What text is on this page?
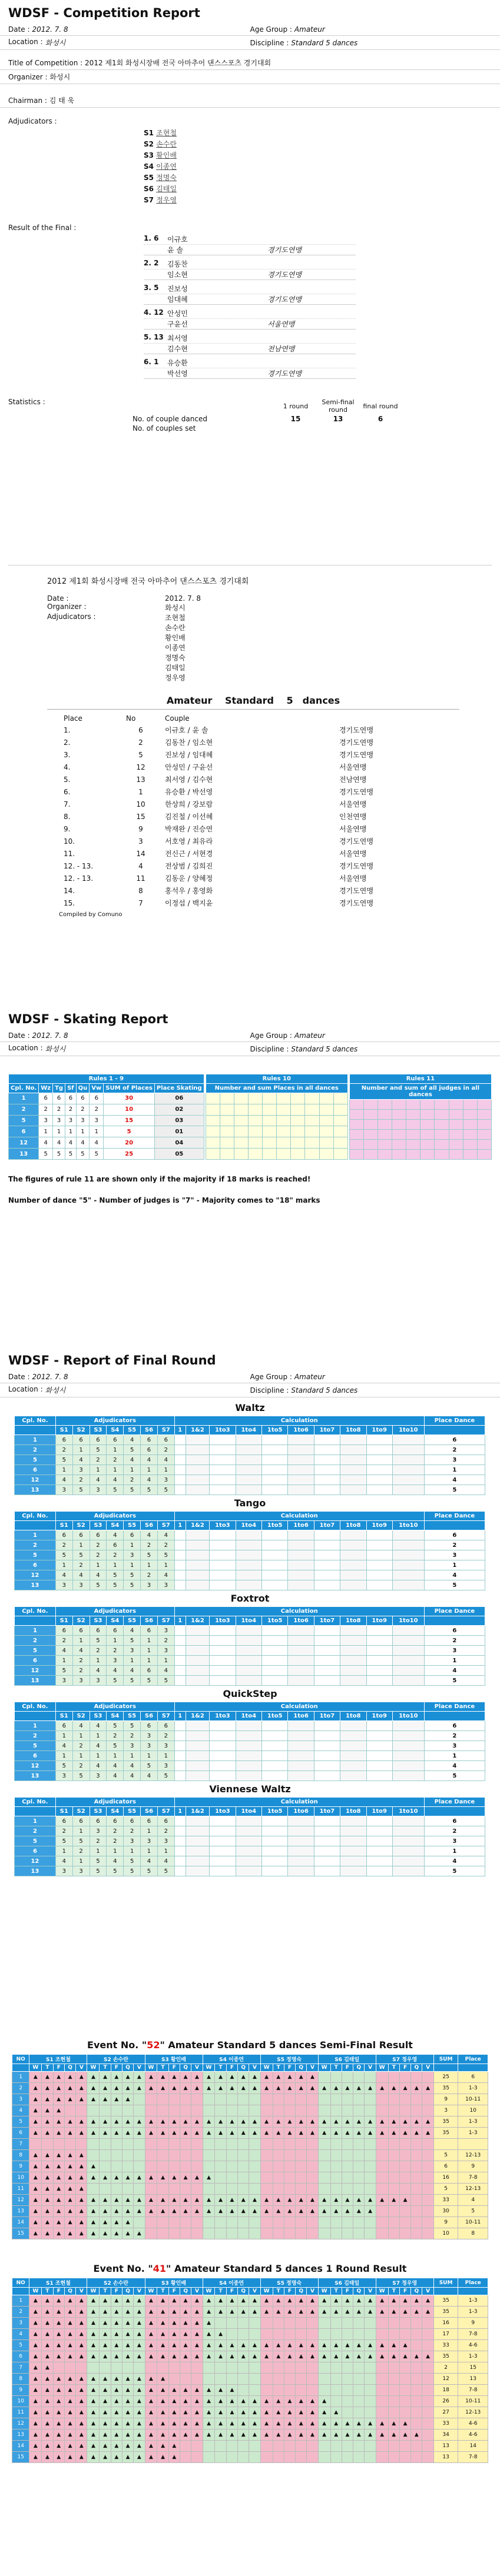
WDSF - Competition Report
Date : 2012. 7. 8	Age Group : Amateur
Location : 화성시	Discipline : Standard 5 dances
Title of Competition :
2012 제1회 화성시장배 전국 아마추어 댄스스포츠 경기대회
Organizer :
화성시
Chairman :
김 태 욱
Adjudicators :
S1 조현철
S2 손수란
S3 황인배
S4 이종연
S5 정명숙
S6 김태일
S7 정우영
Result of the Final :
1. 6	이규호
윤 솔	경기도연맹
2. 2	김동찬
임소현	경기도연맹
3. 5	진보성
임대혜	경기도연맹
4. 12 안성민
구윤선	서울연맹
5. 13 최서영
김수현	전남연맹
6. 1	유승환
박선영	경기도연맹
Statistics :
		1 round	Semi-final round	final round
No. of couple danced	15	13	6
No. of couples set			
2012 제1회 화성시장배 전국 아마추어 댄스스포츠 경기대회
Date :	2012. 7. 8
Organizer :	화성시
Adjudicators :	조현철
손수란
황인배
이종연
정명숙
김태일
정우영
Amateur 　Standard 　5　dances
Place	No	Couple	
1.	6	이규호 / 윤 솔	경기도연맹
2.	2	김동찬 / 임소현	경기도연맹
3.	5	진보성 / 임대혜	경기도연맹
4.	12	안성민 / 구윤선	서울연맹
5.	13	최서영 / 김수현	전남연맹
6.	1	유승환 / 박선영	경기도연맹
7.	10	한상희 / 강보람	서울연맹
8.	15	김진철 / 이선혜	인천연맹
9.	9	박재완 / 진승연	서울연맹
10.	3	서호영 / 최유라	경기도연맹
11.	14	전신근 / 서현경	서울연맹
12. - 13.	4	전상범 / 김희진	경기도연맹
12. - 13.	11	김동운 / 양혜정	서울연맹
14.	8	홍석우 / 홍영화	경기도연맹
15.	7	이정섭 / 백지윤	경기도연맹
Compiled by Comuno
WDSF - Skating Report
Date : 2012. 7. 8	Age Group : Amateur
Location : 화성시	Discipline : Standard 5 dances
Rules 1 - 9							
Cpl. No.	Wz	Tg	Sf	Qu	Vw	SUM of Places	Place Skating
1	6	6	6	6	6	30	06
2	2	2	2	2	2	10	02
5	3	3	3	3	3	15	03
6	1	1	1	1	1	5	01
12	4	4	4	4	4	20	04
13	5	5	5	5	5	25	05
Rules 10									
Number and sum Places in all dances									

Rules 11									
Number and sum of all judges in all dances									

The figures of rule 11 are shown only if the majority if 18 marks is reached!
Number of dance "5" - Number of judges is "7" - Majority comes to "18" marks
WDSF - Report of Final Round
Date : 2012. 7. 8	Age Group : Amateur
Location : 화성시	Discipline : Standard 5 dances
Waltz
Cpl. No.	Adjudicators							Calculation										Place Dance
	S1	S2	S3	S4	S5	S6	S7	1	1&2	1to3	1to4	1to5	1to6	1to7	1to8	1to9	1to10	
1	6	6	6	6	4	6	6											6
2	2	1	5	1	5	6	2											2
5	5	4	2	2	4	4	4											3
6	1	3	1	1	1	1	1											1
12	4	2	4	4	2	4	3											4
13	3	5	3	5	5	5	5											5
Tango
Cpl. No.	Adjudicators							Calculation										Place Dance
	S1	S2	S3	S4	S5	S6	S7	1	1&2	1to3	1to4	1to5	1to6	1to7	1to8	1to9	1to10	
1	6	6	6	4	6	4	4											6
2	2	1	2	6	1	2	2											2
5	5	5	2	2	3	5	5											3
6	1	2	1	1	1	1	1											1
12	4	4	4	5	5	2	4											4
13	3	3	5	5	5	3	3											5
Foxtrot
Cpl. No.	Adjudicators							Calculation										Place Dance
	S1	S2	S3	S4	S5	S6	S7	1	1&2	1to3	1to4	1to5	1to6	1to7	1to8	1to9	1to10	
1	6	6	6	6	4	6	3											6
2	2	1	5	1	5	1	2											2
5	4	4	2	2	3	1	3											3
6	1	2	1	3	1	1	1											1
12	5	2	4	4	4	6	4											4
13	3	3	3	5	5	5	5											5
QuickStep
Cpl. No.	Adjudicators							Calculation										Place Dance
	S1	S2	S3	S4	S5	S6	S7	1	1&2	1to3	1to4	1to5	1to6	1to7	1to8	1to9	1to10	
1	6	4	4	5	5	6	6											6
2	1	1	1	2	2	3	2											2
5	4	2	4	5	3	3	3											3
6	1	1	1	1	1	1	1											1
12	5	2	4	4	4	5	3											4
13	3	5	3	4	4	4	5											5
Viennese Waltz
Cpl. No.	Adjudicators							Calculation										Place Dance
	S1	S2	S3	S4	S5	S6	S7	1	1&2	1to3	1to4	1to5	1to6	1to7	1to8	1to9	1to10	
1	6	6	6	6	6	6	6											6
2	2	1	3	2	2	1	2											2
5	5	5	2	2	3	3	3											3
6	1	2	1	1	1	1	1											1
12	4	1	5	4	5	4	4											4
13	3	3	5	5	5	5	5											5
Event No. "52" Amateur Standard 5 dances Semi-Final Result
NO	S1 조현철					S2 손수란					S3 황인배					S4 이종연					S5 정명숙					S6 김태일					S7 정우영					SUM	Place
	W	T	F	Q	V	W	T	F	Q	V	W	T	F	Q	V	W	T	F	Q	V	W	T	F	Q	V	W	T	F	Q	V	W	T	F	Q	V		
1	▲	▲	▲	▲	▲	▲	▲	▲	▲	▲	▲	▲	▲	▲	▲	▲	▲	▲	▲	▲	▲	▲	▲	▲	▲											25	6
2	▲	▲	▲	▲	▲	▲	▲	▲	▲	▲	▲	▲	▲	▲	▲	▲	▲	▲	▲	▲	▲	▲	▲	▲	▲	▲	▲	▲	▲	▲	▲	▲	▲	▲	▲	35	1-3
3	▲	▲	▲	▲	▲	▲	▲	▲	▲																											9	10-11
4	▲	▲	▲																																	3	10
5	▲	▲	▲	▲	▲	▲	▲	▲	▲	▲	▲	▲	▲	▲	▲	▲	▲	▲	▲	▲	▲	▲	▲	▲	▲	▲	▲	▲	▲	▲	▲	▲	▲	▲	▲	35	1-3
6	▲	▲	▲	▲	▲	▲	▲	▲	▲	▲	▲	▲	▲	▲	▲	▲	▲	▲	▲	▲	▲	▲	▲	▲	▲	▲	▲	▲	▲	▲	▲	▲	▲	▲	▲	35	1-3
7																																					
8	▲	▲	▲	▲	▲																															5	12-13
9	▲	▲	▲	▲	▲	▲																														6	9
10	▲	▲	▲	▲	▲	▲	▲	▲	▲	▲	▲	▲	▲	▲	▲	▲																				16	7-8
11	▲	▲	▲	▲	▲																															5	12-13
12	▲	▲	▲	▲	▲	▲	▲	▲	▲	▲	▲	▲	▲	▲	▲	▲	▲	▲	▲	▲	▲	▲	▲	▲	▲	▲	▲	▲	▲	▲	▲	▲	▲			33	4
13	▲	▲	▲	▲	▲	▲	▲	▲	▲	▲	▲	▲	▲	▲	▲	▲	▲	▲	▲	▲	▲	▲	▲	▲	▲	▲	▲	▲	▲	▲						30	5
14	▲	▲	▲	▲	▲	▲	▲	▲	▲																											9	10-11
15	▲	▲	▲	▲	▲	▲	▲	▲	▲	▲																										10	8
Event No. "41" Amateur Standard 5 dances 1 Round Result
NO	S1 조현철					S2 손수란					S3 황인배					S4 이종연					S5 정명숙					S6 김태일					S7 정우영					SUM	Place
	W	T	F	Q	V	W	T	F	Q	V	W	T	F	Q	V	W	T	F	Q	V	W	T	F	Q	V	W	T	F	Q	V	W	T	F	Q	V		
1	▲	▲	▲	▲	▲	▲	▲	▲	▲	▲	▲	▲	▲	▲	▲	▲	▲	▲	▲	▲	▲	▲	▲	▲	▲	▲	▲	▲	▲	▲	▲	▲	▲	▲	▲	35	1-3
2	▲	▲	▲	▲	▲	▲	▲	▲	▲	▲	▲	▲	▲	▲	▲	▲	▲	▲	▲	▲	▲	▲	▲	▲	▲	▲	▲	▲	▲	▲	▲	▲	▲	▲	▲	35	1-3
3	▲	▲	▲	▲	▲	▲	▲	▲	▲	▲	▲	▲	▲	▲	▲	▲																				16	9
4	▲	▲	▲	▲	▲	▲	▲	▲	▲	▲	▲	▲	▲	▲	▲	▲	▲																			17	7-8
5	▲	▲	▲	▲	▲	▲	▲	▲	▲	▲	▲	▲	▲	▲	▲	▲	▲	▲	▲	▲	▲	▲	▲	▲	▲	▲	▲	▲	▲	▲	▲	▲	▲			33	4-6
6	▲	▲	▲	▲	▲	▲	▲	▲	▲	▲	▲	▲	▲	▲	▲	▲	▲	▲	▲	▲	▲	▲	▲	▲	▲	▲	▲	▲	▲	▲	▲	▲	▲	▲	▲	35	1-3
7	▲	▲																																		2	15
8	▲	▲	▲	▲	▲	▲	▲	▲	▲	▲	▲	▲																								12	13
9	▲	▲	▲	▲	▲	▲	▲	▲	▲	▲	▲	▲	▲	▲	▲	▲	▲	▲																		18	7-8
10	▲	▲	▲	▲	▲	▲	▲	▲	▲	▲	▲	▲	▲	▲	▲	▲	▲	▲	▲	▲	▲	▲	▲	▲	▲	▲										26	10-11
11	▲	▲	▲	▲	▲	▲	▲	▲	▲	▲	▲	▲	▲	▲	▲	▲	▲	▲	▲	▲	▲	▲	▲	▲	▲	▲	▲									27	12-13
12	▲	▲	▲	▲	▲	▲	▲	▲	▲	▲	▲	▲	▲	▲	▲	▲	▲	▲	▲	▲	▲	▲	▲	▲	▲	▲	▲	▲	▲	▲	▲	▲	▲			33	4-6
13	▲	▲	▲	▲	▲	▲	▲	▲	▲	▲	▲	▲	▲	▲	▲	▲	▲	▲	▲	▲	▲	▲	▲	▲	▲	▲	▲	▲	▲	▲	▲	▲	▲	▲		34	4-6
14	▲	▲	▲	▲	▲	▲	▲	▲	▲	▲	▲	▲	▲																							13	14
15	▲	▲	▲	▲	▲	▲	▲	▲	▲	▲	▲	▲	▲																							13	7-8
